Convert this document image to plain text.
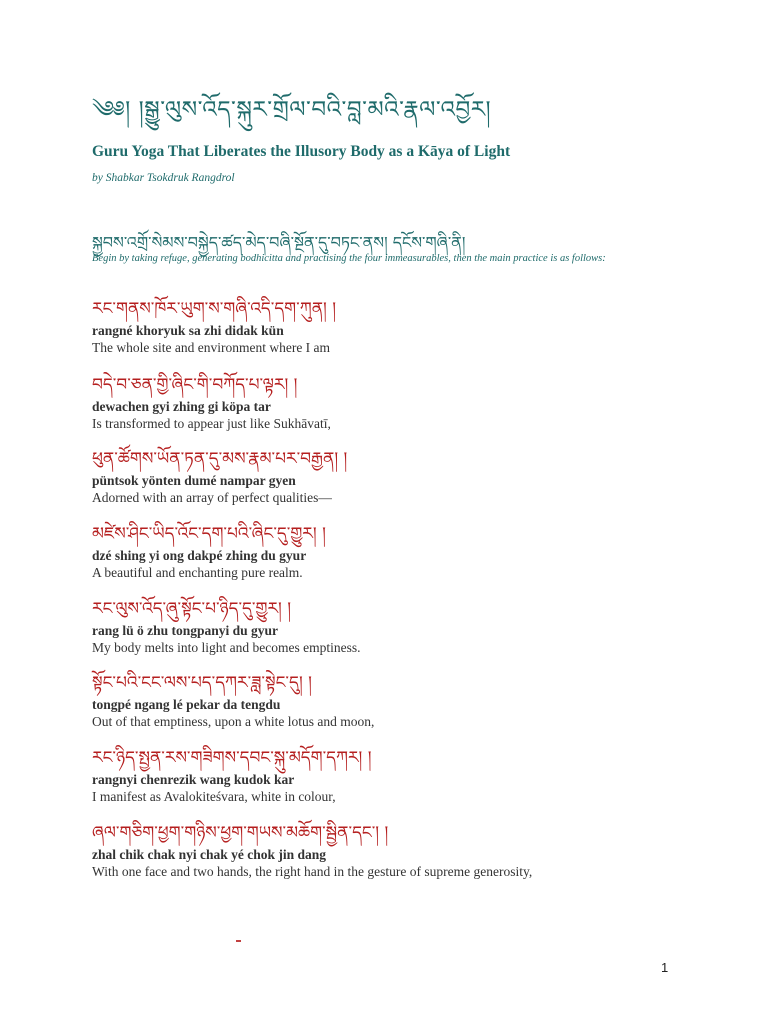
༄༅། །སྒྱུ་ལུས་འོད་སྐུར་གྲོལ་བའི་བླ་མའི་རྣལ་འབྱོར།
Guru Yoga That Liberates the Illusory Body as a Kāya of Light
by Shabkar Tsokdruk Rangdrol
སྐྱབས་འགྲོ་སེམས་བསྐྱེད་ཚད་མེད་བཞི་སྔོན་དུ་བཏང་ནས། དངོས་གཞི་ནི།
Begin by taking refuge, generating bodhicitta and practising the four immeasurables, then the main practice is as follows:
རང་གནས་ཁོར་ཡུག་ས་གཞི་འདི་དག་ཀུན། །
rangné khoryuk sa zhi didak kün
The whole site and environment where I am
བདེ་བ་ཅན་གྱི་ཞིང་གི་བཀོད་པ་ལྟར། །
dewachen gyi zhing gi köpa tar
Is transformed to appear just like Sukhāvatī,
ཕུན་ཚོགས་ཡོན་ཏན་དུ་མས་རྣམ་པར་བརྒྱན། །
püntsok yönten dumé nampar gyen
Adorned with an array of perfect qualities—
མཛེས་ཤིང་ཡིད་འོང་དག་པའི་ཞིང་དུ་གྱུར། །
dzé shing yi ong dakpé zhing du gyur
A beautiful and enchanting pure realm.
རང་ལུས་འོད་ཞུ་སྟོང་པ་ཉིད་དུ་གྱུར། །
rang lü ö zhu tongpanyi du gyur
My body melts into light and becomes emptiness.
སྟོང་པའི་ངང་ལས་པད་དཀར་ཟླ་སྟེང་དུ། །
tongpé ngang lé pekar da tengdu
Out of that emptiness, upon a white lotus and moon,
རང་ཉིད་སྤྱན་རས་གཟིགས་དབང་སྐུ་མདོག་དཀར། །
rangnyi chenrezik wang kudok kar
I manifest as Avalokiteśvara, white in colour,
ཞལ་གཅིག་ཕྱག་གཉིས་ཕྱག་གཡས་མཆོག་སྦྱིན་དང་། །
zhal chik chak nyi chak yé chok jin dang
With one face and two hands, the right hand in the gesture of supreme generosity,
1
